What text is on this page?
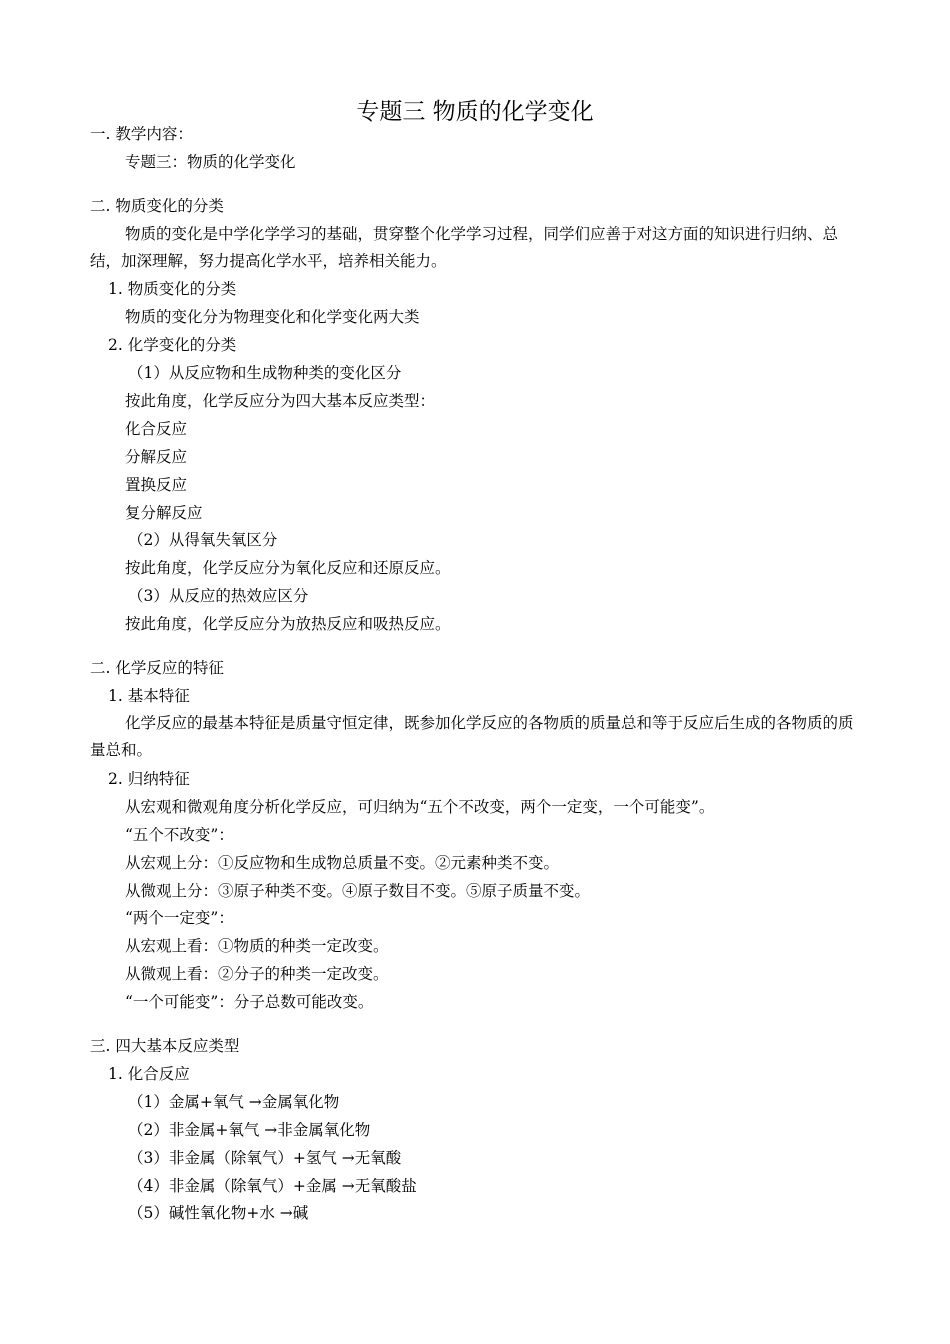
专题三 物质的化学变化
一. 教学内容：
专题三：物质的化学变化
二. 物质变化的分类
物质的变化是中学化学学习的基础，贯穿整个化学学习过程，同学们应善于对这方面的知识进行归纳、总结，加深理解，努力提高化学水平，培养相关能力。
1. 物质变化的分类
物质的变化分为物理变化和化学变化两大类
2. 化学变化的分类
（1）从反应物和生成物种类的变化区分
按此角度，化学反应分为四大基本反应类型：
化合反应
分解反应
置换反应
复分解反应
（2）从得氧失氧区分
按此角度，化学反应分为氧化反应和还原反应。
（3）从反应的热效应区分
按此角度，化学反应分为放热反应和吸热反应。
二. 化学反应的特征
1. 基本特征
化学反应的最基本特征是质量守恒定律，既参加化学反应的各物质的质量总和等于反应后生成的各物质的质量总和。
2. 归纳特征
从宏观和微观角度分析化学反应，可归纳为“五个不改变，两个一定变，一个可能变”。
“五个不改变”：
从宏观上分：①反应物和生成物总质量不变。②元素种类不变。
从微观上分：③原子种类不变。④原子数目不变。⑤原子质量不变。
“两个一定变”：
从宏观上看：①物质的种类一定改变。
从微观上看：②分子的种类一定改变。
“一个可能变”：分子总数可能改变。
三. 四大基本反应类型
1. 化合反应
（1）金属+氧气 →金属氧化物
（2）非金属+氧气 →非金属氧化物
（3）非金属（除氧气）+氢气 →无氧酸
（4）非金属（除氧气）+金属 →无氧酸盐
（5）碱性氧化物+水 →碱
